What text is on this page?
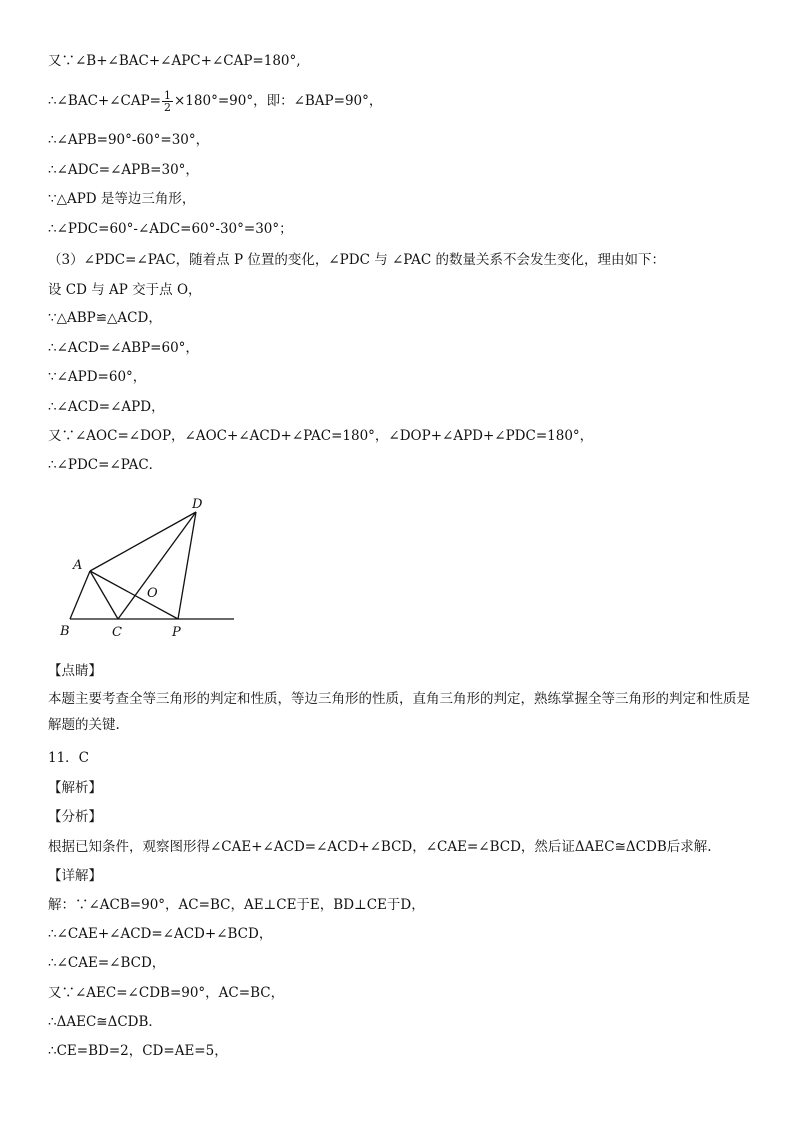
又∵∠B+∠BAC+∠APC+∠CAP=180°,
∴∠BAC+∠CAP= $\frac{1}{2} \times 180^\circ=90^\circ$，即：∠BAP=90°，
∴∠APB=90°-60°=30°，
∴∠ADC=∠APB=30°，
∵△APD 是等边三角形，
∴∠PDC=60°-∠ADC=60°-30°=30°；
（3）∠PDC=∠PAC，随着点 P 位置的变化，∠PDC 与 ∠PAC 的数量关系不会发生变化，理由如下：
设 CD 与 AP 交于点 O，
∵△ABP≌△ACD，
∴∠ACD=∠ABP=60°，
∵∠APD=60°，
∴∠ACD=∠APD，
又∵∠AOC=∠DOP，∠AOC+∠ACD+∠PAC=180°，∠DOP+∠APD+∠PDC=180°，
∴∠PDC=∠PAC．
D
A
O
B	C	P
【点睛】
本题主要考查全等三角形的判定和性质，等边三角形的性质，直角三角形的判定，熟练掌握全等三角形的判定和性质是解题的关键.
11．C
【解析】
【分析】
根据已知条件，观察图形得∠CAE+∠ACD=∠ACD+∠BCD，∠CAE=∠BCD，然后证ΔAEC≅ΔCDB后求解.
【详解】
解：∵∠ACB=90°，AC=BC，AE⊥CE于E，BD⊥CE于D，
∴∠CAE+∠ACD=∠ACD+∠BCD，
∴∠CAE=∠BCD，
又∵∠AEC=∠CDB=90°，AC=BC，
∴ΔAEC≅ΔCDB．
∴CE=BD=2，CD=AE=5，
